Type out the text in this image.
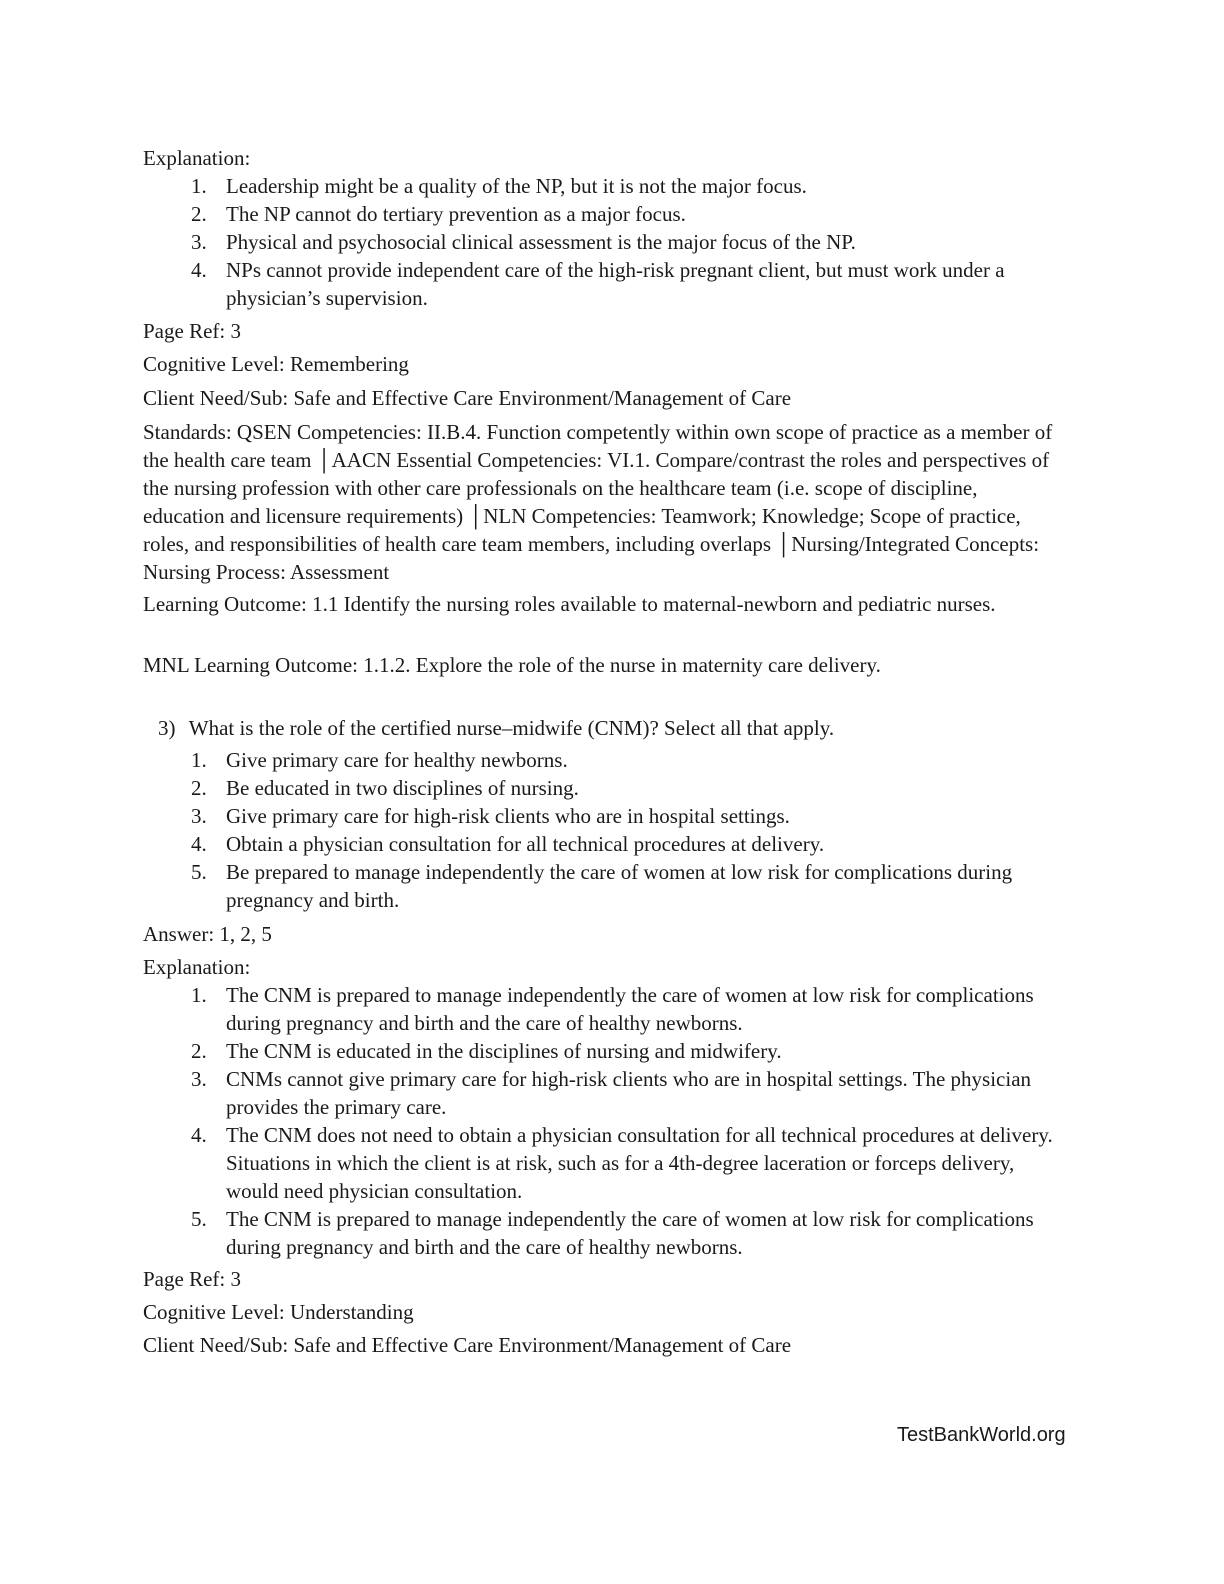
Explanation:
1. Leadership might be a quality of the NP, but it is not the major focus.
2. The NP cannot do tertiary prevention as a major focus.
3. Physical and psychosocial clinical assessment is the major focus of the NP.
4. NPs cannot provide independent care of the high-risk pregnant client, but must work under a physician’s supervision.
Page Ref: 3
Cognitive Level: Remembering
Client Need/Sub: Safe and Effective Care Environment/Management of Care
Standards: QSEN Competencies: II.B.4. Function competently within own scope of practice as a member of the health care team │AACN Essential Competencies: VI.1. Compare/contrast the roles and perspectives of the nursing profession with other care professionals on the healthcare team (i.e. scope of discipline, education and licensure requirements) │NLN Competencies: Teamwork; Knowledge; Scope of practice, roles, and responsibilities of health care team members, including overlaps │Nursing/Integrated Concepts: Nursing Process: Assessment
Learning Outcome: 1.1 Identify the nursing roles available to maternal-newborn and pediatric nurses.
MNL Learning Outcome: 1.1.2. Explore the role of the nurse in maternity care delivery.
3) What is the role of the certified nurse–midwife (CNM)? Select all that apply.
1. Give primary care for healthy newborns.
2. Be educated in two disciplines of nursing.
3. Give primary care for high-risk clients who are in hospital settings.
4. Obtain a physician consultation for all technical procedures at delivery.
5. Be prepared to manage independently the care of women at low risk for complications during pregnancy and birth.
Answer: 1, 2, 5
Explanation:
1. The CNM is prepared to manage independently the care of women at low risk for complications during pregnancy and birth and the care of healthy newborns.
2. The CNM is educated in the disciplines of nursing and midwifery.
3. CNMs cannot give primary care for high-risk clients who are in hospital settings. The physician provides the primary care.
4. The CNM does not need to obtain a physician consultation for all technical procedures at delivery. Situations in which the client is at risk, such as for a 4th-degree laceration or forceps delivery, would need physician consultation.
5. The CNM is prepared to manage independently the care of women at low risk for complications during pregnancy and birth and the care of healthy newborns.
Page Ref: 3
Cognitive Level: Understanding
Client Need/Sub: Safe and Effective Care Environment/Management of Care
TestBankWorld.org
